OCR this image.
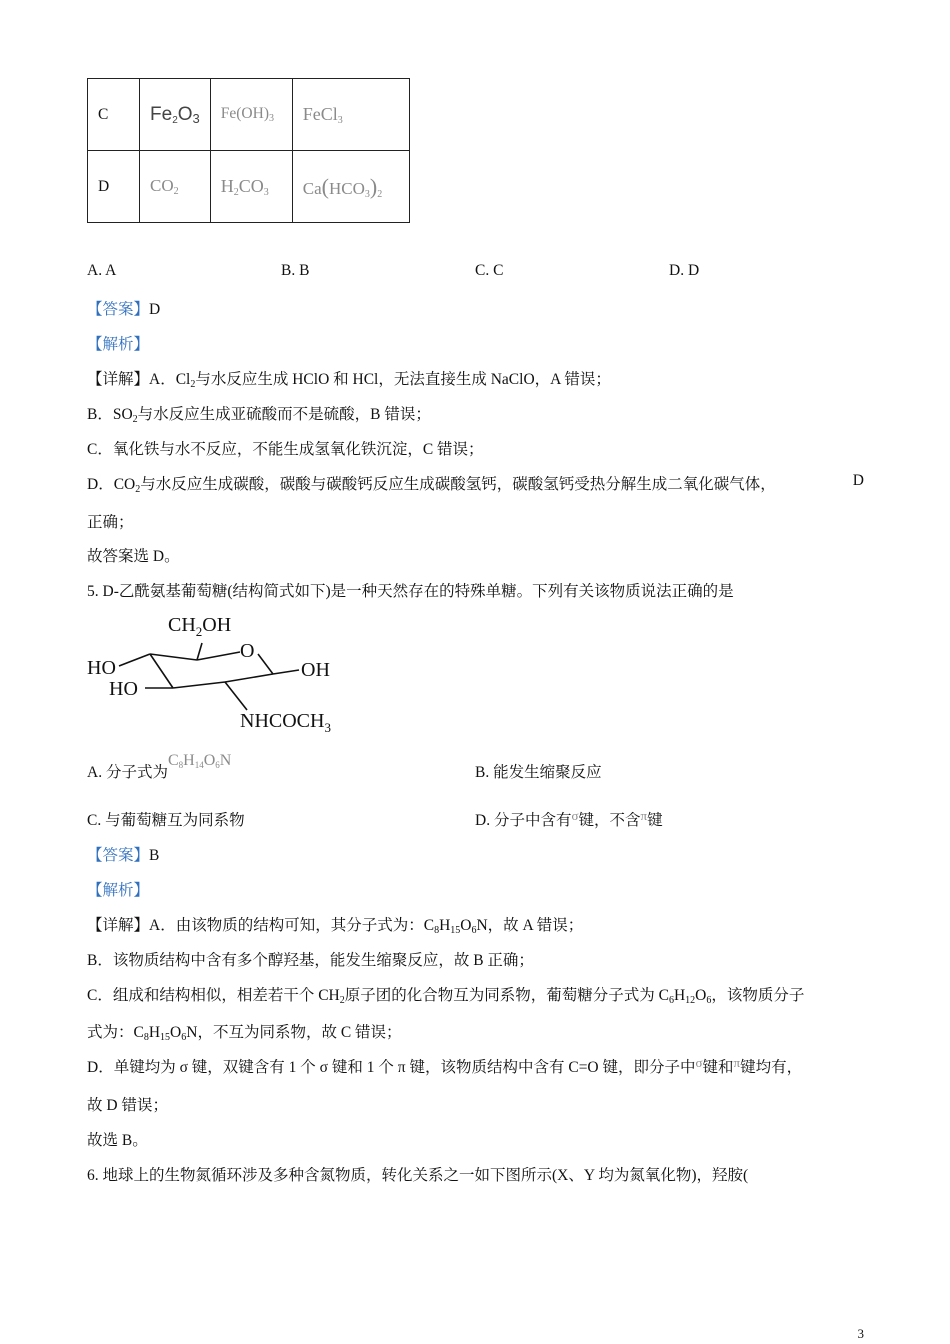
C	$Fe_2O_3$	$Fe(OH)_3$	FeCl$_3$
D	$CO_2$	$H_2CO_3$	$Ca(HCO_3)_2$
A. A	B. B	C. C	D. D
【答案】D
【解析】
【详解】A．$Cl_2$与水反应生成 HClO 和 HCl，无法直接生成 NaClO，A 错误；
B．$SO_2$与水反应生成亚硫酸而不是硫酸，B 错误；
C．氧化铁与水不反应，不能生成氢氧化铁沉淀，C 错误；
D．$CO_2$与水反应生成碳酸，碳酸与碳酸钙反应生成碳酸氢钙，碳酸氢钙受热分解生成二氧化碳气体，	D
正确；
故答案选 D。
5. D-乙酰氨基葡萄糖(结构简式如下)是一种天然存在的特殊单糖。下列有关该物质说法正确的是
$CH_2OH$
O
OH
HO
HO
$NHCOCH_3$
A. 分子式为$C_8H_{14}O_6N$
B. 能发生缩聚反应
C. 与葡萄糖互为同系物	D. 分子中含有$^\sigma$键，不含$^\pi$键
【答案】B
【解析】
【详解】A．由该物质的结构可知，其分子式为：$C_8H_{15}O_6N$，故 A 错误；
B．该物质结构中含有多个醇羟基，能发生缩聚反应，故 B 正确；
C．组成和结构相似，相差若干个 $CH_2$原子团的化合物互为同系物，葡萄糖分子式为 $C_6H_{12}O_6$，该物质分子
式为：$C_8H_{15}O_6N$，不互为同系物，故 C 错误；
D．单键均为 σ 键，双键含有 1 个 σ 键和 1 个 π 键，该物质结构中含有 C=O 键，即分子中$^\sigma$键和$^\pi$键均有，
故 D 错误；
故选 B。
6. 地球上的生物氮循环涉及多种含氮物质，转化关系之一如下图所示(X、Y 均为氮氧化物)，羟胺(
3
